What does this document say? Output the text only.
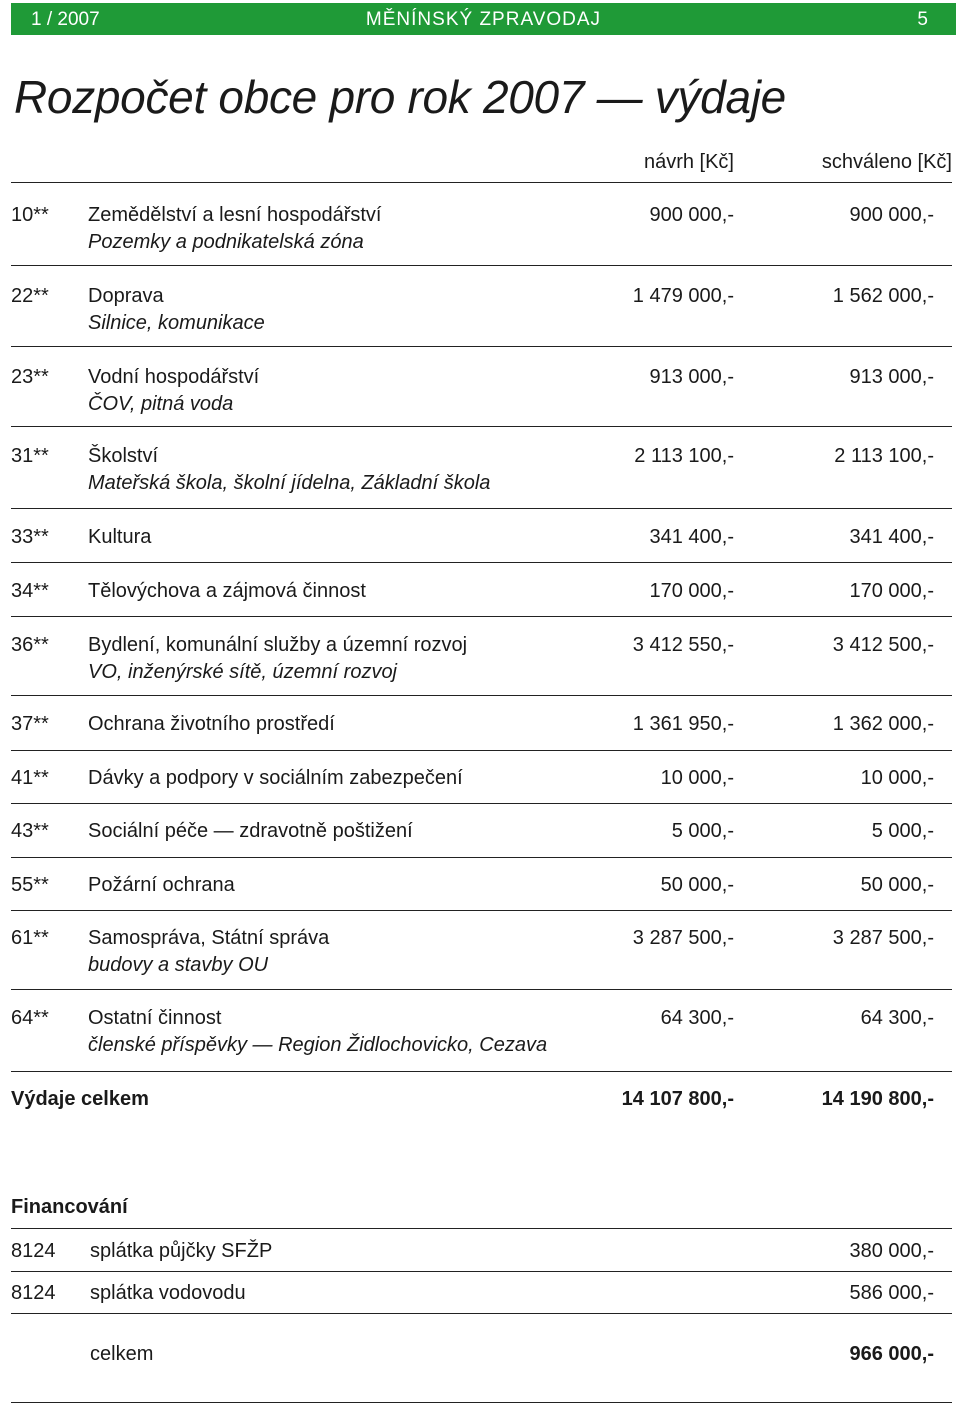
1 / 2007	MĚNÍNSKÝ ZPRAVODAJ	5
Rozpočet obce pro rok 2007 — výdaje
návrh [Kč]	schváleno [Kč]
10** Zemědělství a lesní hospodářství
Pozemky a podnikatelská zóna
900 000,-	900 000,-
22** Doprava
Silnice, komunikace
1 479 000,-	1 562 000,-
23** Vodní hospodářství
ČOV, pitná voda
913 000,-	913 000,-
31** Školství
Mateřská škola, školní jídelna, Základní škola
2 113 100,-	2 113 100,-
33** Kultura	341 400,-	341 400,-
34** Tělovýchova a zájmová činnost	170 000,-	170 000,-
36** Bydlení, komunální služby a územní rozvoj
VO, inženýrské sítě, územní rozvoj
3 412 550,-	3 412 500,-
37** Ochrana životního prostředí	1 361 950,-	1 362 000,-
41** Dávky a podpory v sociálním zabezpečení	10 000,-	10 000,-
43** Sociální péče — zdravotně poštižení	5 000,-	5 000,-
55** Požární ochrana	50 000,-	50 000,-
61** Samospráva, Státní správa
budovy a stavby OU
3 287 500,-	3 287 500,-
64** Ostatní činnost
členské příspěvky — Region Židlochovicko, Cezava
64 300,-	64 300,-
Výdaje celkem	14 107 800,-	14 190 800,-
Financování
8124 splátka půjčky SFŽP	380 000,-
8124 splátka vodovodu	586 000,-
celkem	966 000,-
